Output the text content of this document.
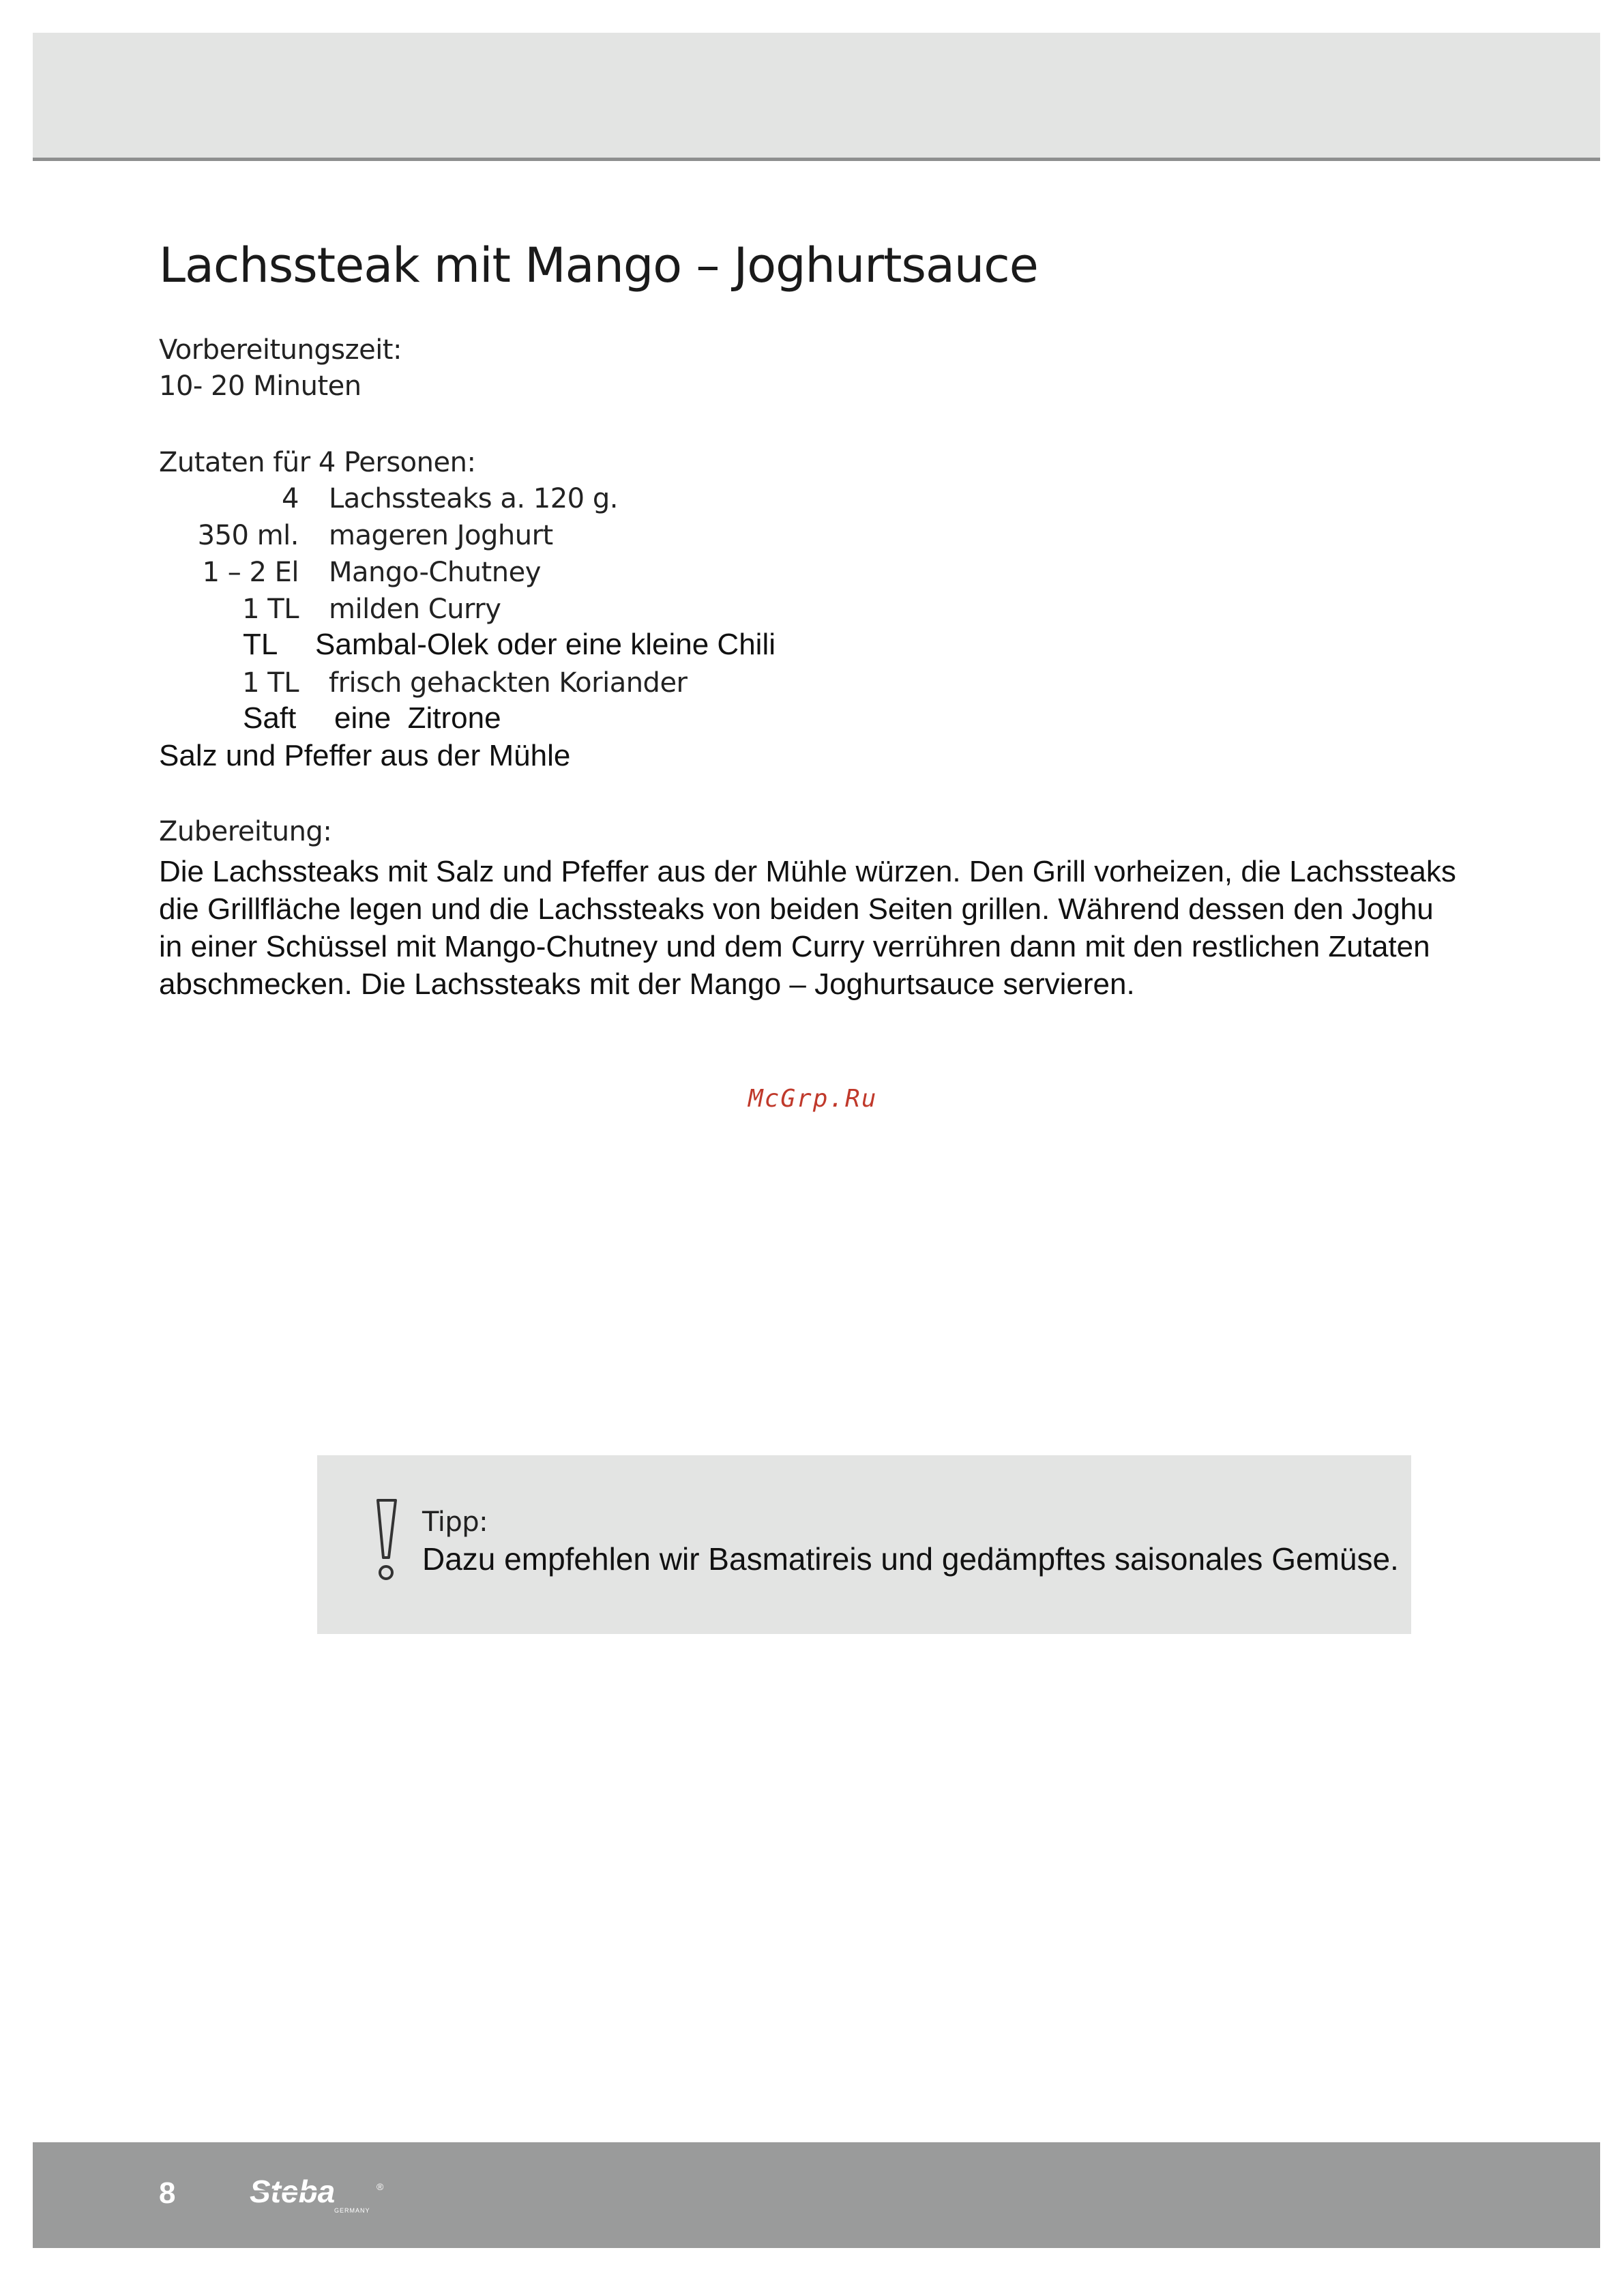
Lachssteak mit Mango – Joghurtsauce
Vorbereitungszeit:
10- 20 Minuten
Zutaten für 4 Personen:
4 Lachssteaks a. 120 g.
350 ml. mageren Joghurt
1 – 2 El Mango-Chutney
1 TL milden Curry
TL Sambal-Olek oder eine kleine Chili
1 TL frisch gehackten Koriander
Saft eine  Zitrone
Salz und Pfeffer aus der Mühle
Zubereitung:
Die Lachssteaks mit Salz und Pfeffer aus der Mühle würzen. Den Grill vorheizen, die Lachssteaks
die Grillfläche legen und die Lachssteaks von beiden Seiten grillen. Während dessen den Joghu
in einer Schüssel mit Mango-Chutney und dem Curry verrühren dann mit den restlichen Zutaten
abschmecken. Die Lachssteaks mit der Mango – Joghurtsauce servieren.
McGrp.Ru
Tipp:
Dazu empfehlen wir Basmatireis und gedämpftes saisonales Gemüse.
8 Steba	®
GERMANY
